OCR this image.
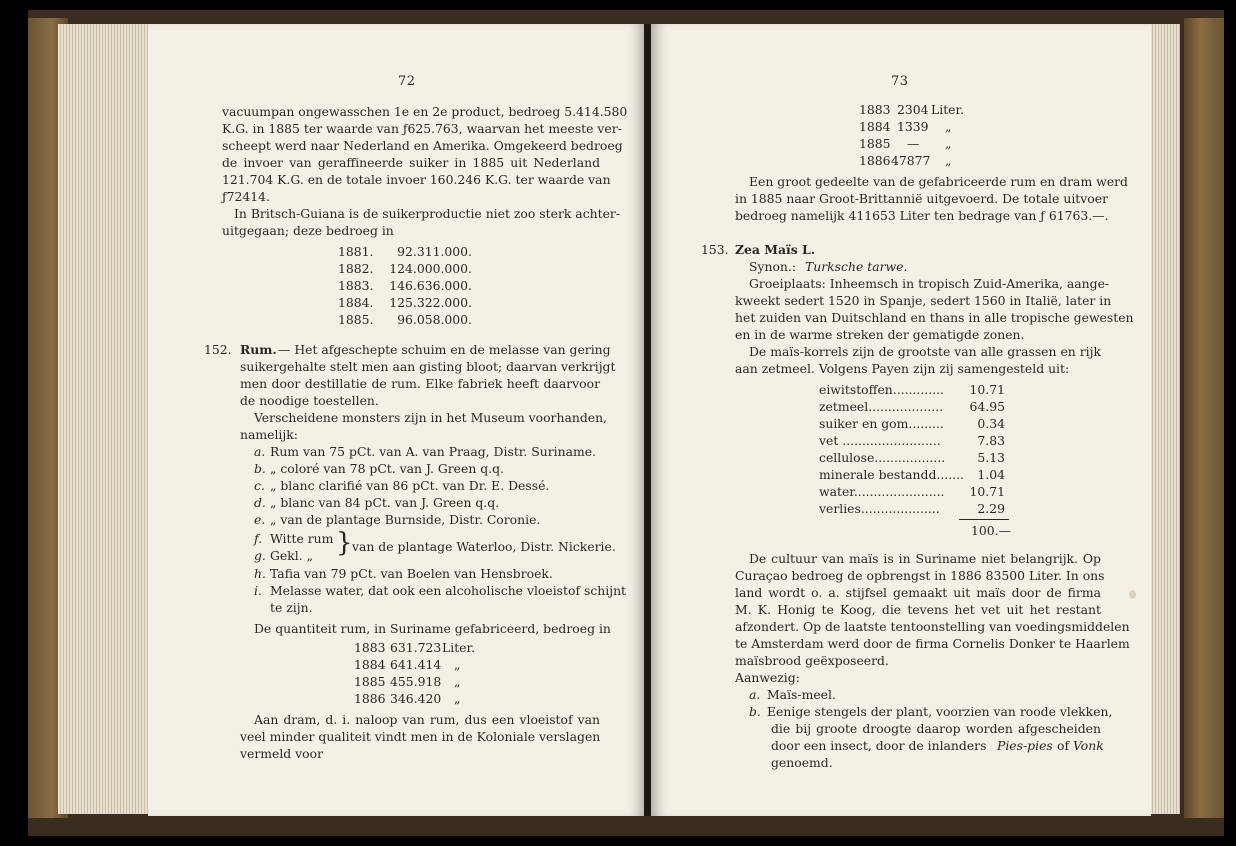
72
vacuumpan ongewasschen 1e en 2e product, bedroeg 5.414.580
K.G. in 1885 ter waarde van ƒ625.763, waarvan het meeste ver-
scheept werd naar Nederland en Amerika. Omgekeerd bedroeg
de invoer van geraffineerde suiker in 1885 uit Nederland
121.704 K.G. en de totale invoer 160.246 K.G. ter waarde van
ƒ72414.
In Britsch-Guiana is de suikerproductie niet zoo sterk achter-
uitgegaan; deze bedroeg in
1881. 92.311.000.
1882.	124.000.000.
1883.	146.636.000.
1884.	125.322.000.
1885.	96.058.000.
152. Rum. — Het afgeschepte schuim en de melasse van gering
suikergehalte stelt men aan gisting bloot; daarvan verkrijgt
men door destillatie de rum. Elke fabriek heeft daarvoor
de noodige toestellen.
Verscheidene monsters zijn in het Museum voorhanden,
namelijk:
a. Rum van 75 pCt. van A. van Praag, Distr. Suriname.
b. „ coloré van 78 pCt. van J. Green q.q.
c. „ blanc clarifié van 86 pCt. van Dr. E. Dessé.
d. „ blanc van 84 pCt. van J. Green q.q.
e. „ van de plantage Burnside, Distr. Coronie.
f. Witte rum
g. Gekl. „ } van de plantage Waterloo, Distr. Nickerie.
h. Tafia van 79 pCt. van Boelen van Hensbroek.
i. Melasse water, dat ook een alcoholische vloeistof schijnt
te zijn.
De quantiteit rum, in Suriname gefabriceerd, bedroeg in
1883 631.723 Liter.
1884 641.414 „
1885 455.918 „
1886 346.420 „
Aan dram, d. i. naloop van rum, dus een vloeistof van
veel minder qualiteit vindt men in de Koloniale verslagen
vermeld voor
73
1883 2304 Liter.
1884 1339 „
1885 — „
1886 47877 „
Een groot gedeelte van de gefabriceerde rum en dram werd
in 1885 naar Groot-Brittannië uitgevoerd. De totale uitvoer
bedroeg namelijk 411653 Liter ten bedrage van ƒ 61763.—.
153. Zea Maïs L.
Synon.: Turksche tarwe.
Groeiplaats: Inheemsch in tropisch Zuid-Amerika, aange-
kweekt sedert 1520 in Spanje, sedert 1560 in Italië, later in
het zuiden van Duitschland en thans in alle tropische gewesten
en in de warme streken der gematigde zonen.
De maïs-korrels zijn de grootste van alle grassen en rijk
aan zetmeel. Volgens Payen zijn zij samengesteld uit:
eiwitstoffen.............	10.71
zetmeel...................	64.95
suiker en gom.........	0.34
vet .........................	7.83
cellulose..................	5.13
minerale bestandd.......	1.04
water.......................	10.71
verlies....................	2.29
100.—
De cultuur van maïs is in Suriname niet belangrijk. Op
Curaçao bedroeg de opbrengst in 1886 83500 Liter. In ons
land wordt o. a. stijfsel gemaakt uit maïs door de firma
M. K. Honig te Koog, die tevens het vet uit het restant
afzondert. Op de laatste tentoonstelling van voedingsmiddelen
te Amsterdam werd door de firma Cornelis Donker te Haarlem
maïsbrood geëxposeerd.
Aanwezig:
a. Maïs-meel.
b. Eenige stengels der plant, voorzien van roode vlekken,
die bij groote droogte daarop worden afgescheiden
door een insect, door de inlanders Pies-pies of Vonk
genoemd.
